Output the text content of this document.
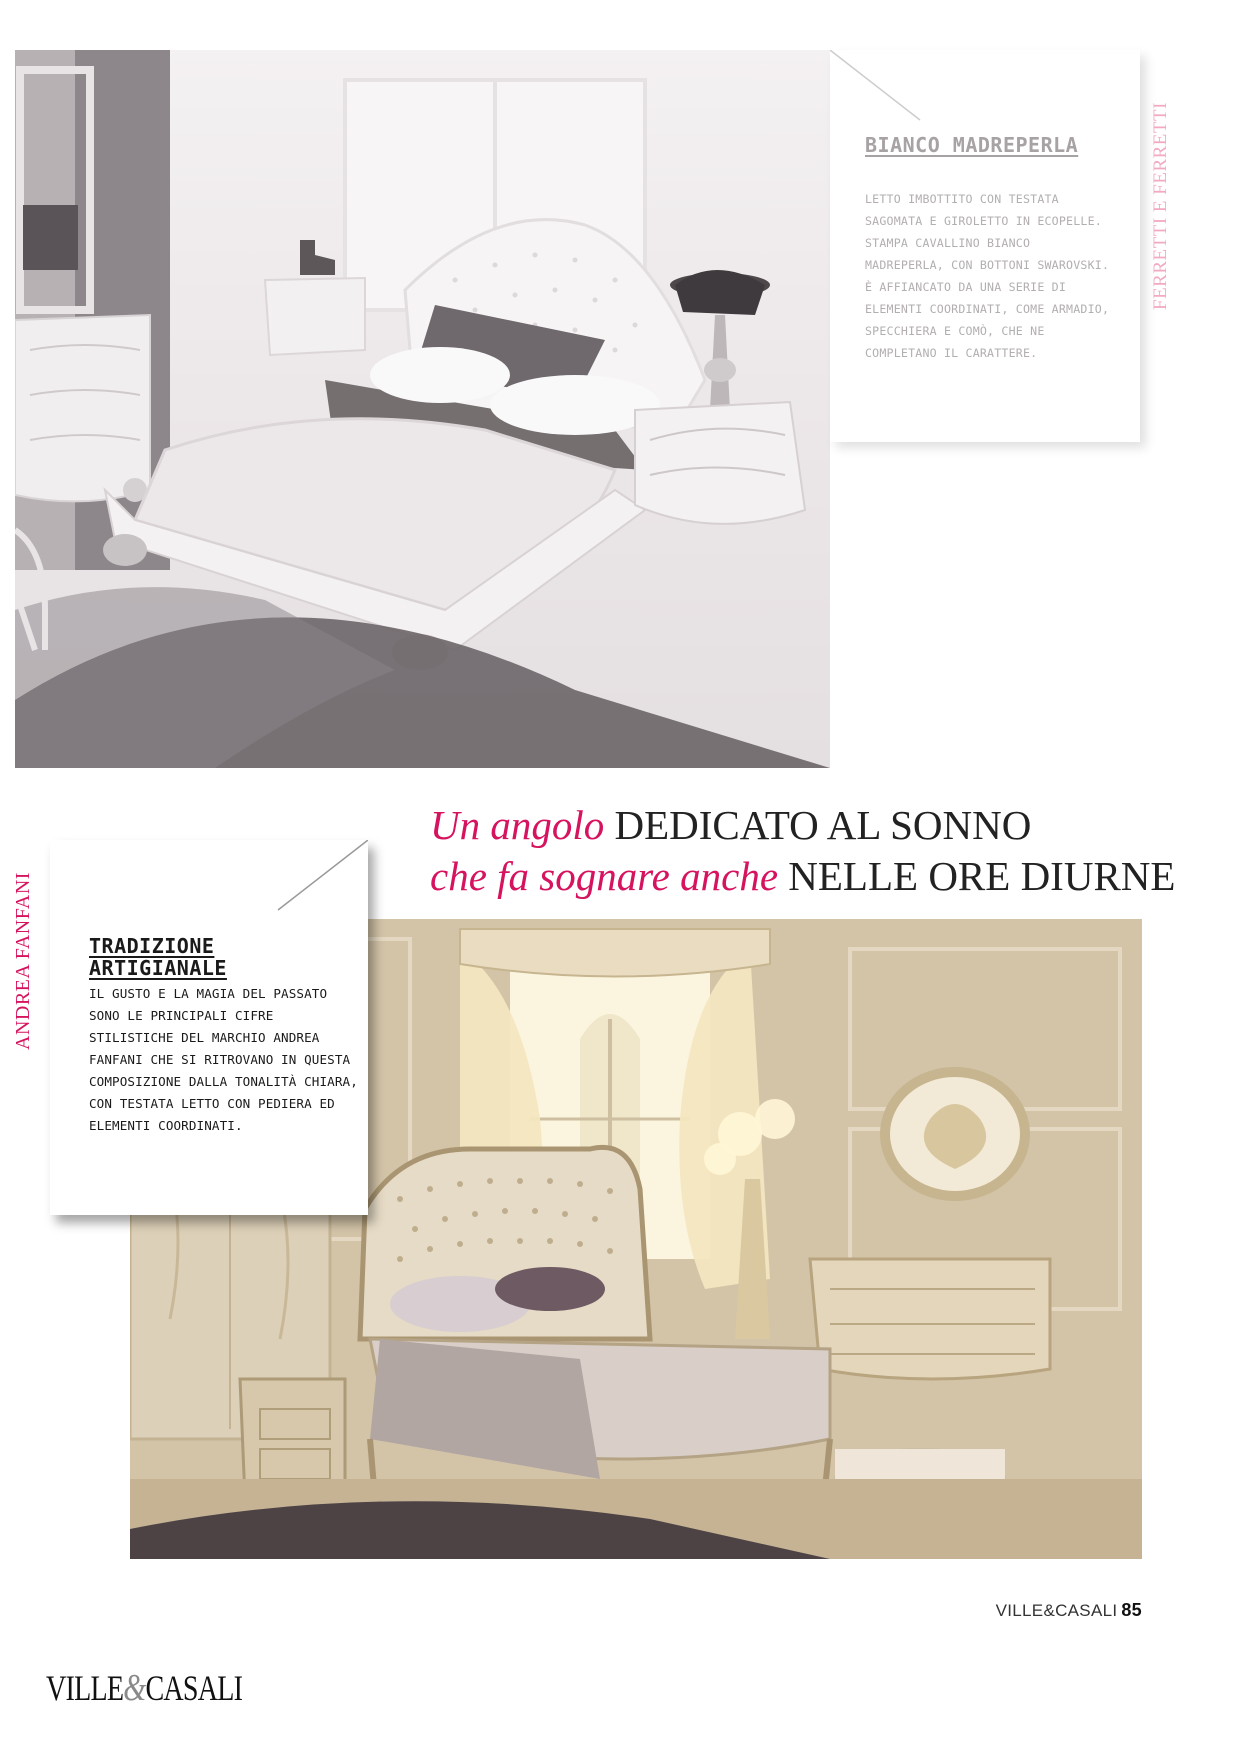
BIANCO MADREPERLA

LETTO IMBOTTITO CON TESTATA SAGOMATA E GIROLETTO IN ECOPELLE. STAMPA CAVALLINO BIANCO MADREPERLA, CON BOTTONI SWAROVSKI. È AFFIANCATO DA UNA SERIE DI ELEMENTI COORDINATI, COME ARMADIO, SPECCHIERA E COMÒ, CHE NE COMPLETANO IL CARATTERE.

FERRETTI E FERRETTI
Un angolo DEDICATO AL SONNO
che fa sognare anche NELLE ORE DIURNE
TRADIZIONE ARTIGIANALE

IL GUSTO E LA MAGIA DEL PASSATO SONO LE PRINCIPALI CIFRE STILISTICHE DEL MARCHIO ANDREA FANFANI CHE SI RITROVANO IN QUESTA COMPOSIZIONE DALLA TONALITÀ CHIARA, CON TESTATA LETTO CON PEDIERA ED ELEMENTI COORDINATI.

ANDREA FANFANI
VILLE&CASALI 85
VILLE&CASALI
